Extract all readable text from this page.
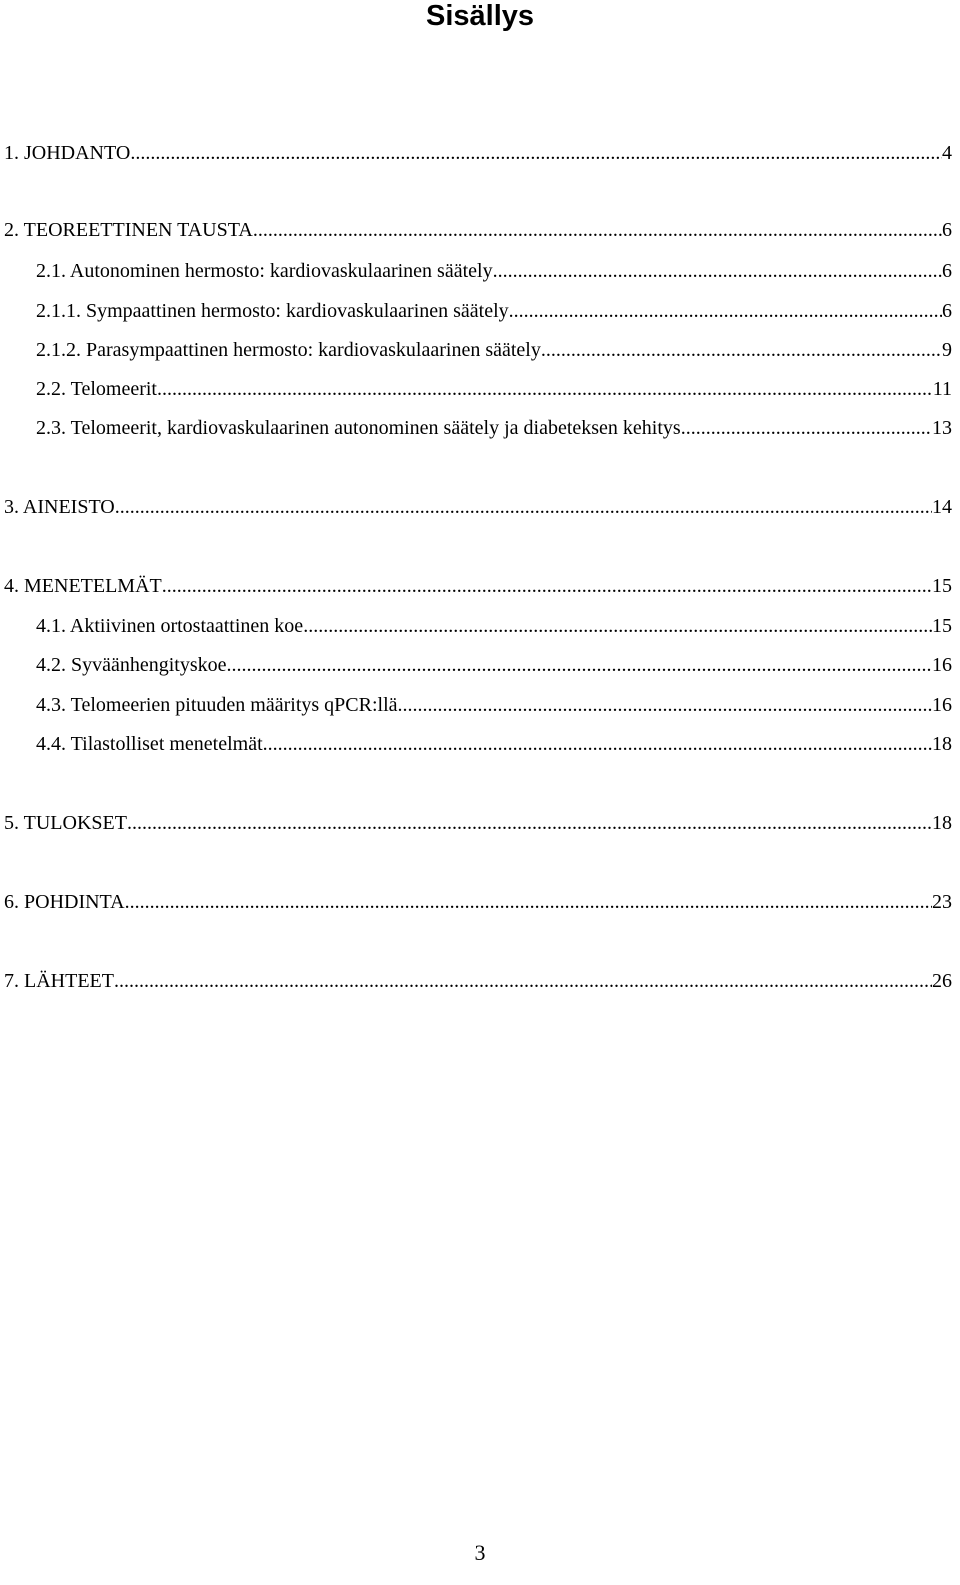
Sisällys
1. JOHDANTO .....	4
2. TEOREETTINEN TAUSTA .....	6
2.1. Autonominen hermosto: kardiovaskulaarinen säätely .....	6
2.1.1. Sympaattinen hermosto: kardiovaskulaarinen säätely .....	6
2.1.2. Parasympaattinen hermosto: kardiovaskulaarinen säätely .....	9
2.2. Telomeerit .....	11
2.3. Telomeerit, kardiovaskulaarinen autonominen säätely ja diabeteksen kehitys .....	13
3. AINEISTO .....	14
4. MENETELMÄT .....	15
4.1. Aktiivinen ortostaattinen koe .....	15
4.2. Syväänhengityskoe .....	16
4.3. Telomeerien pituuden määritys qPCR:llä .....	16
4.4. Tilastolliset menetelmät .....	18
5. TULOKSET .....	18
6. POHDINTA .....	23
7. LÄHTEET .....	26
3
